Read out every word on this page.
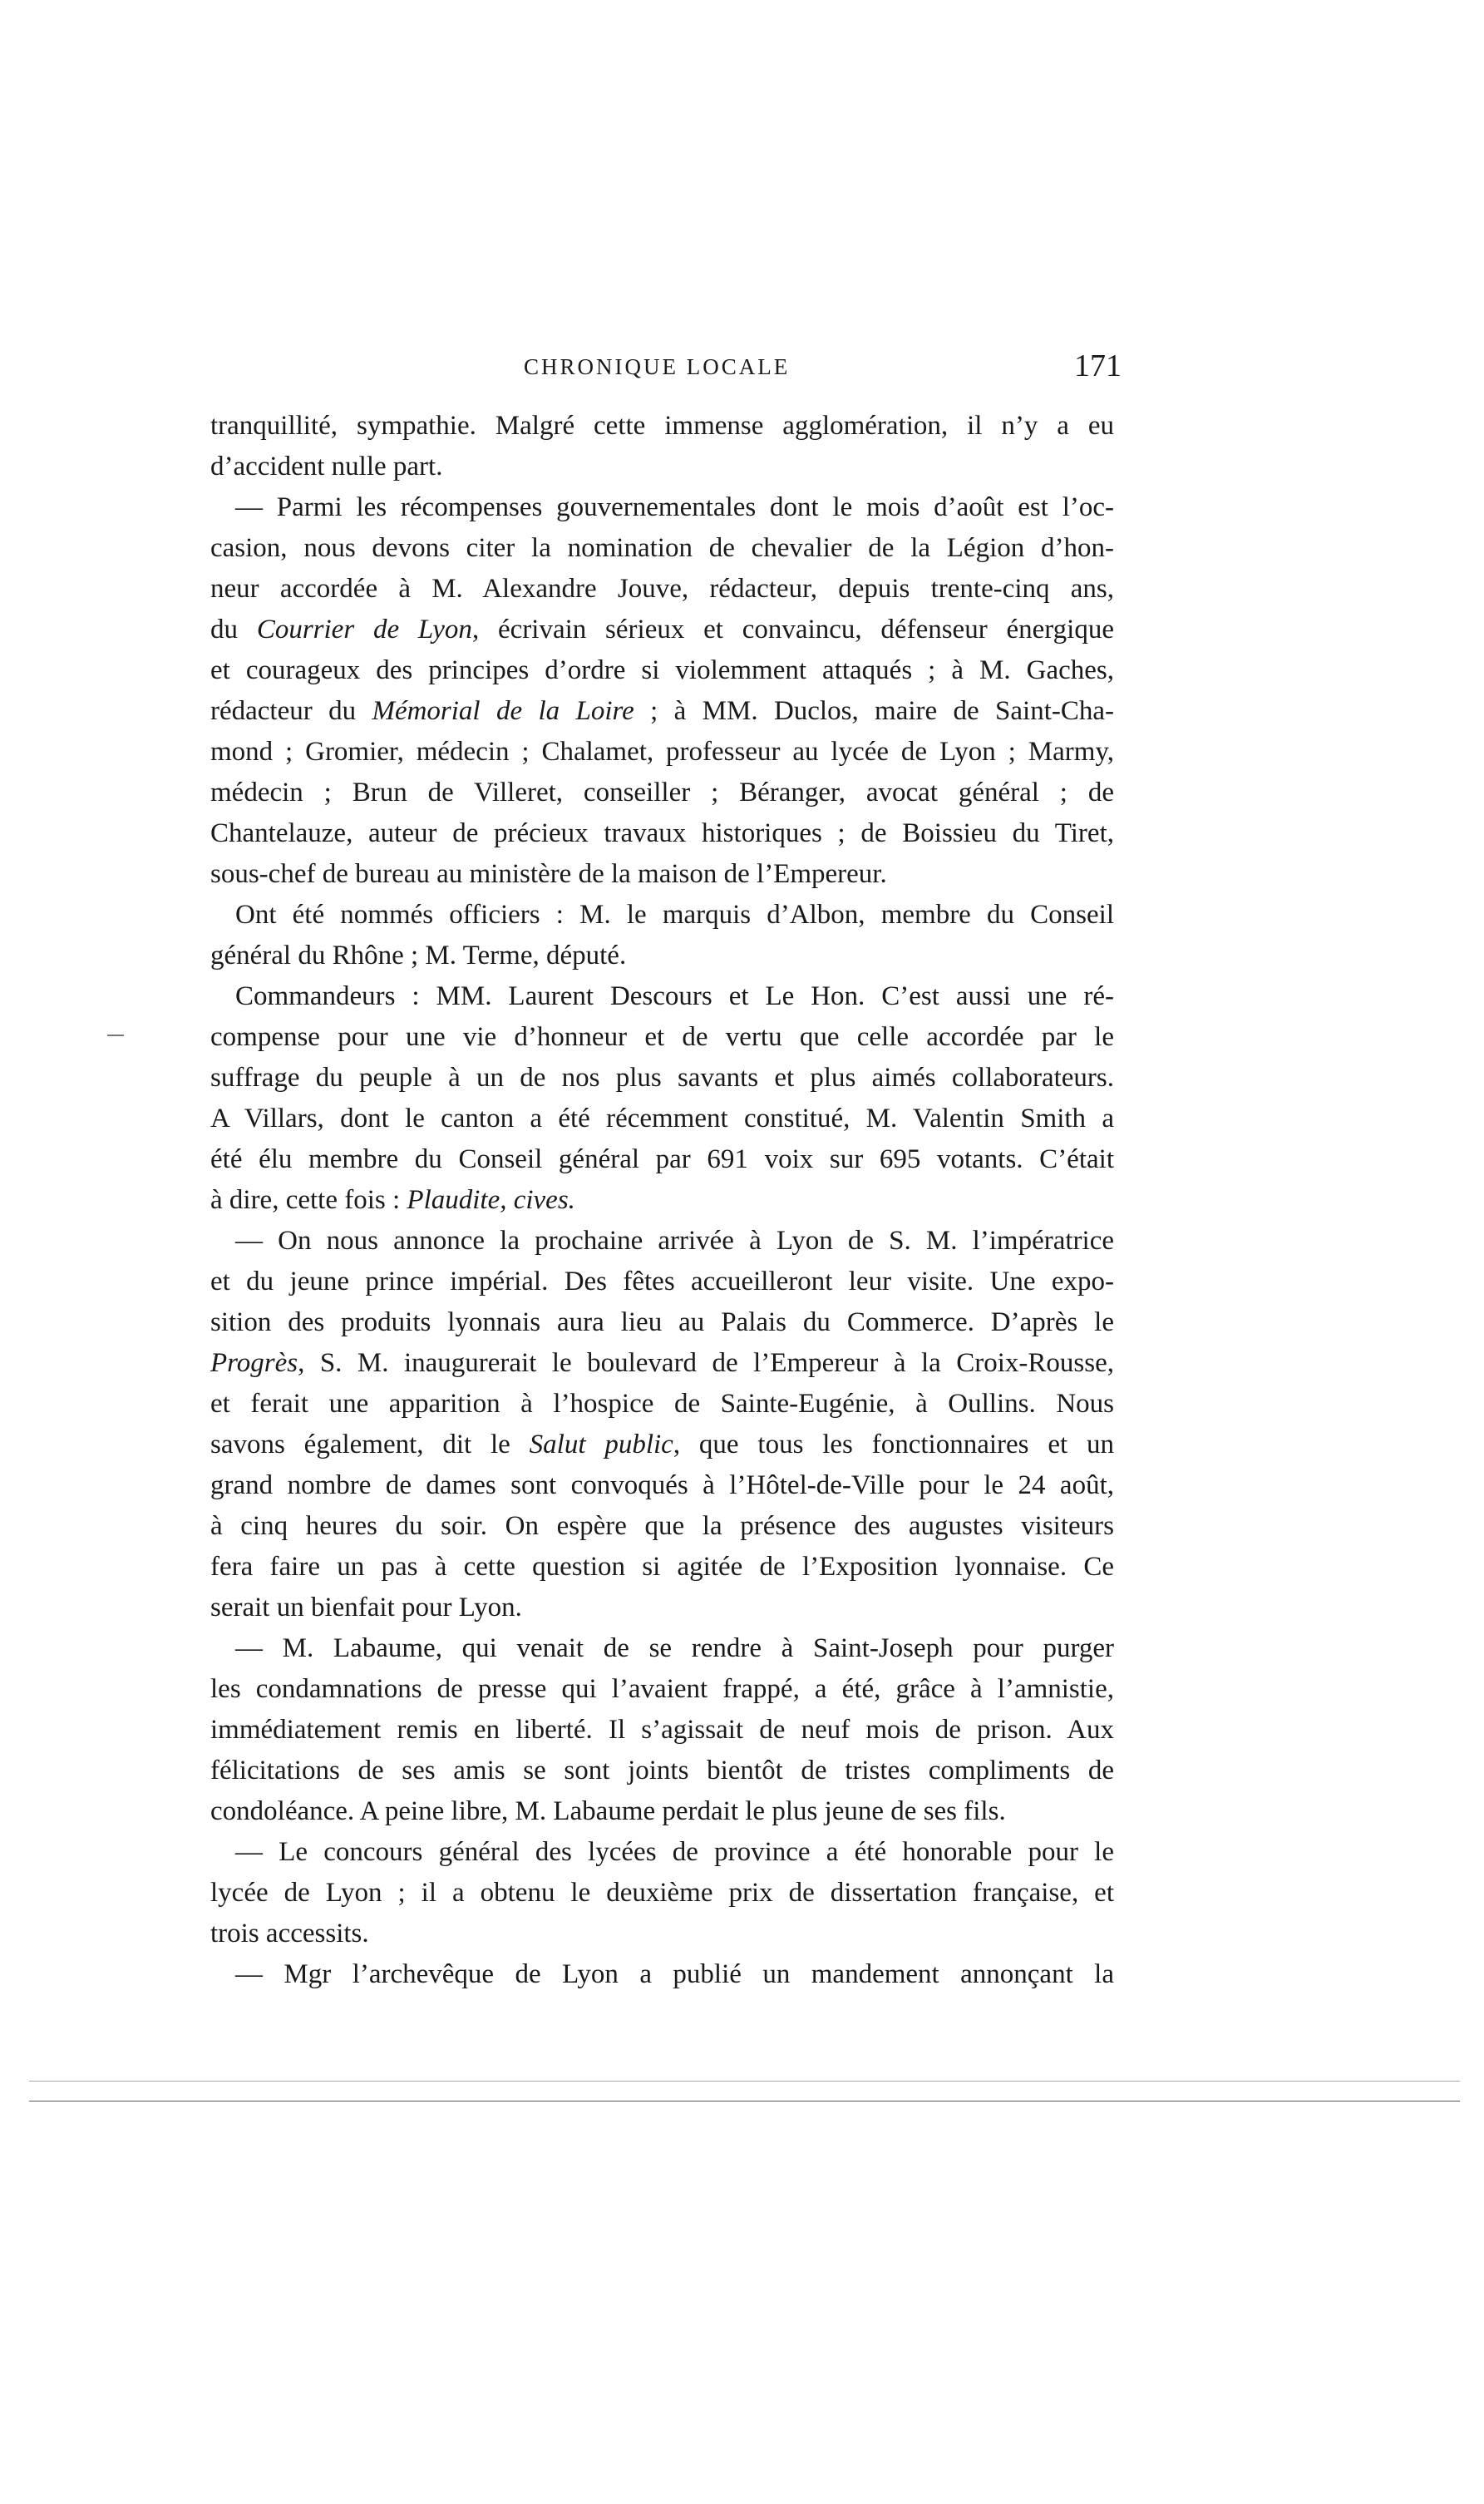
CHRONIQUE LOCALE	171
tranquillité, sympathie. Malgré cette immense agglomération, il n’y a eu
d’accident nulle part.
— Parmi les récompenses gouvernementales dont le mois d’août est l’oc-
casion, nous devons citer la nomination de chevalier de la Légion d’hon-
neur accordée à M. Alexandre Jouve, rédacteur, depuis trente-cinq ans,
du Courrier de Lyon, écrivain sérieux et convaincu, défenseur énergique
et courageux des principes d’ordre si violemment attaqués ; à M. Gaches,
rédacteur du Mémorial de la Loire ; à MM. Duclos, maire de Saint-Cha-
mond ; Gromier, médecin ; Chalamet, professeur au lycée de Lyon ; Marmy,
médecin ; Brun de Villeret, conseiller ; Béranger, avocat général ; de
Chantelauze, auteur de précieux travaux historiques ; de Boissieu du Tiret,
sous-chef de bureau au ministère de la maison de l’Empereur.
Ont été nommés officiers : M. le marquis d’Albon, membre du Conseil
général du Rhône ; M. Terme, député.
Commandeurs : MM. Laurent Descours et Le Hon. C’est aussi une ré-
compense pour une vie d’honneur et de vertu que celle accordée par le
suffrage du peuple à un de nos plus savants et plus aimés collaborateurs.
A Villars, dont le canton a été récemment constitué, M. Valentin Smith a
été élu membre du Conseil général par 691 voix sur 695 votants. C’était
à dire, cette fois : Plaudite, cives.
— On nous annonce la prochaine arrivée à Lyon de S. M. l’impératrice
et du jeune prince impérial. Des fêtes accueilleront leur visite. Une expo-
sition des produits lyonnais aura lieu au Palais du Commerce. D’après le
Progrès, S. M. inaugurerait le boulevard de l’Empereur à la Croix-Rousse,
et ferait une apparition à l’hospice de Sainte-Eugénie, à Oullins. Nous
savons également, dit le Salut public, que tous les fonctionnaires et un
grand nombre de dames sont convoqués à l’Hôtel-de-Ville pour le 24 août,
à cinq heures du soir. On espère que la présence des augustes visiteurs
fera faire un pas à cette question si agitée de l’Exposition lyonnaise. Ce
serait un bienfait pour Lyon.
— M. Labaume, qui venait de se rendre à Saint-Joseph pour purger
les condamnations de presse qui l’avaient frappé, a été, grâce à l’amnistie,
immédiatement remis en liberté. Il s’agissait de neuf mois de prison. Aux
félicitations de ses amis se sont joints bientôt de tristes compliments de
condoléance. A peine libre, M. Labaume perdait le plus jeune de ses fils.
— Le concours général des lycées de province a été honorable pour le
lycée de Lyon ; il a obtenu le deuxième prix de dissertation française, et
trois accessits.
— Mgr l’archevêque de Lyon a publié un mandement annonçant la
